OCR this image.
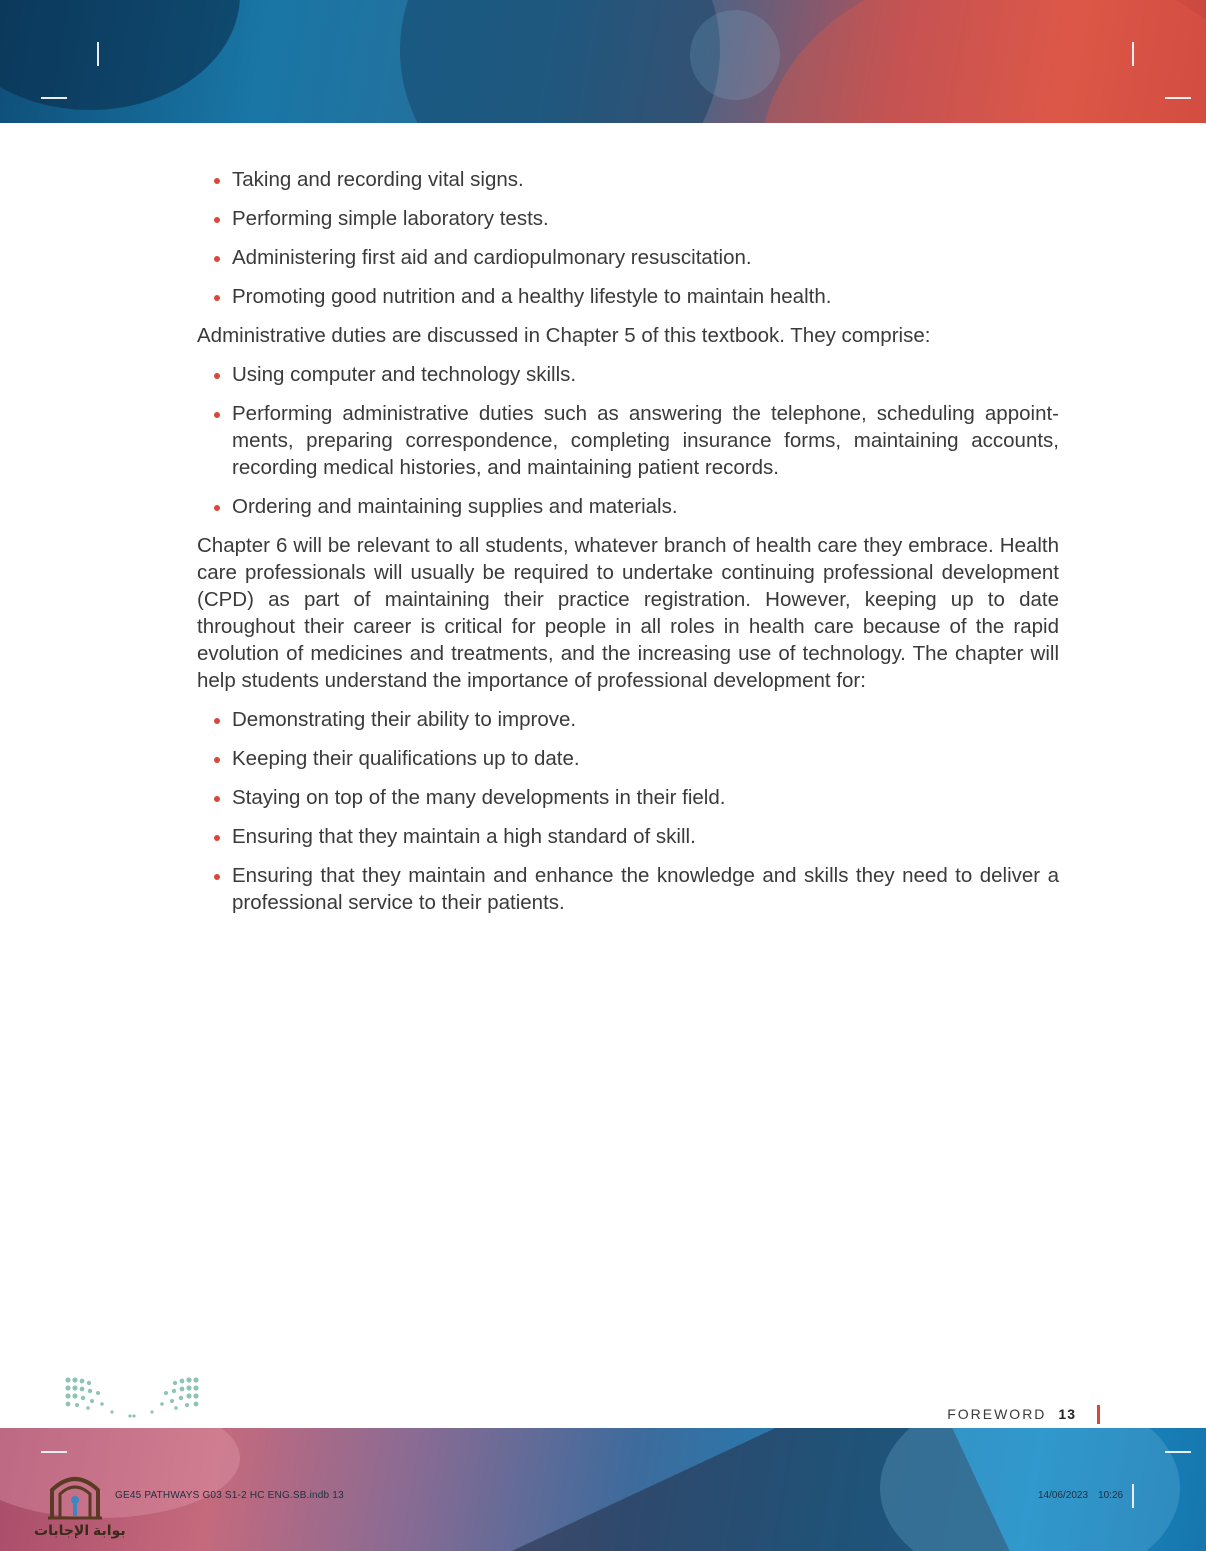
Taking and recording vital signs.
Performing simple laboratory tests.
Administering first aid and cardiopulmonary resuscitation.
Promoting good nutrition and a healthy lifestyle to maintain health.

Administrative duties are discussed in Chapter 5 of this textbook. They comprise:

Using computer and technology skills.
Performing administrative duties such as answering the telephone, scheduling appoint-ments, preparing correspondence, completing insurance forms, maintaining accounts, recording medical histories, and maintaining patient records.
Ordering and maintaining supplies and materials.

Chapter 6 will be relevant to all students, whatever branch of health care they embrace. Health care professionals will usually be required to undertake continuing professional development (CPD) as part of maintaining their practice registration. However, keeping up to date throughout their career is critical for people in all roles in health care because of the rapid evolution of medicines and treatments, and the increasing use of technology. The chapter will help students understand the importance of professional development for:

Demonstrating their ability to improve.
Keeping their qualifications up to date.
Staying on top of the many developments in their field.
Ensuring that they maintain a high standard of skill.
Ensuring that they maintain and enhance the knowledge and skills they need to deliver a professional service to their patients.
FOREWORD 13
GE45 PATHWAYS G03 S1-2 HC ENG.SB.indb 13	14/06/2023 10:26
بوابة الإجابات
